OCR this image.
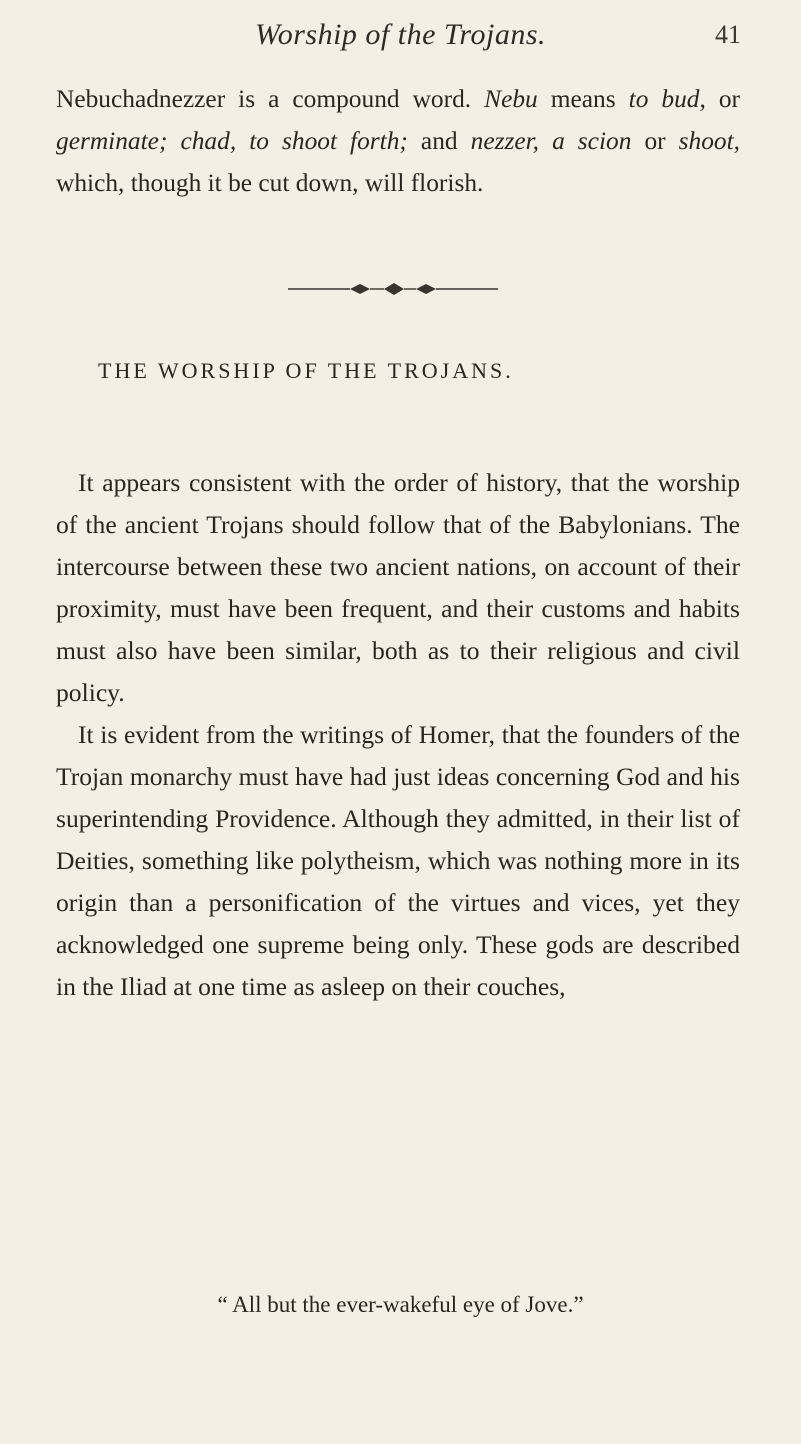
Worship of the Trojans.	41
Nebuchadnezzer is a compound word. Nebu means to bud, or germinate; chad, to shoot forth; and nezzer, a scion or shoot, which, though it be cut down, will florish.
THE WORSHIP OF THE TROJANS.

It appears consistent with the order of history, that the worship of the ancient Trojans should follow that of the Babylonians. The intercourse between these two ancient nations, on account of their proximity, must have been frequent, and their customs and habits must also have been similar, both as to their religious and civil policy.

It is evident from the writings of Homer, that the founders of the Trojan monarchy must have had just ideas concerning God and his superintending Providence. Although they admitted, in their list of Deities, something like polytheism, which was nothing more in its origin than a personification of the virtues and vices, yet they acknowledged one supreme being only. These gods are described in the Iliad at one time as asleep on their couches,

“ All but the ever-wakeful eye of Jove.”
